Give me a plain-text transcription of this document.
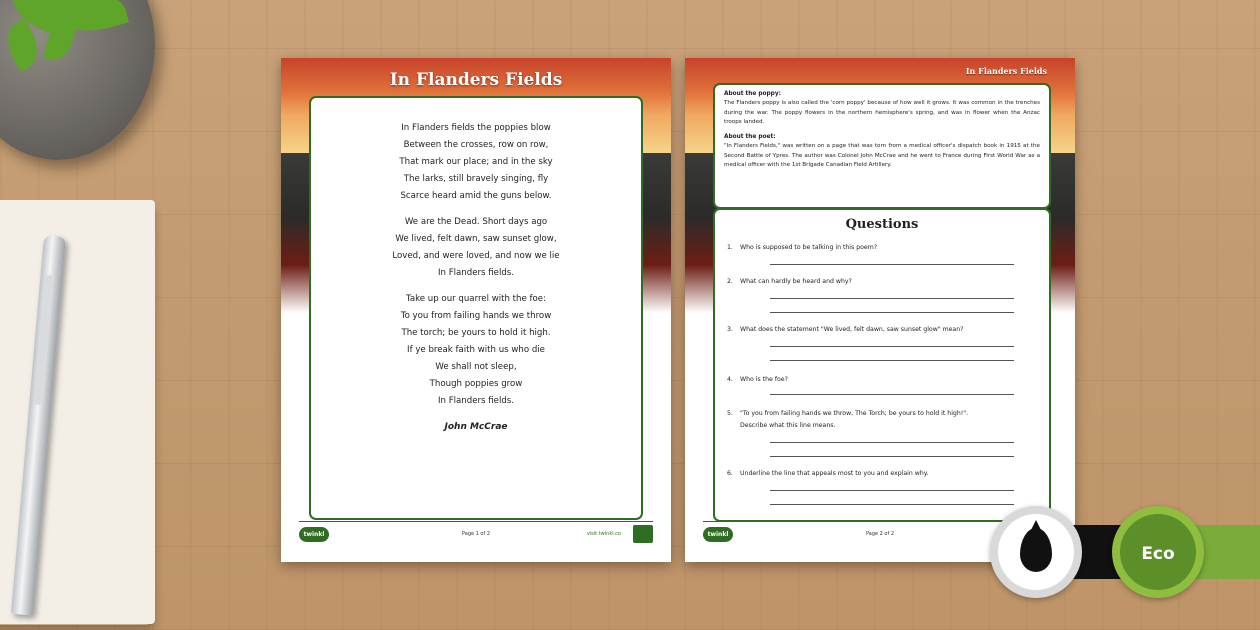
In Flanders Fields
In Flanders fields the poppies blow
Between the crosses, row on row,
That mark our place; and in the sky
The larks, still bravely singing, fly
Scarce heard amid the guns below.
We are the Dead. Short days ago
We lived, felt dawn, saw sunset glow,
Loved, and were loved, and now we lie
In Flanders fields.
Take up our quarrel with the foe:
To you from failing hands we throw
The torch; be yours to hold it high.
If ye break faith with us who die
We shall not sleep,
Though poppies grow
In Flanders fields.
John McCrae
twinkl	Page 1 of 2	visit twinkl.co
In Flanders Fields
About the poppy:

The Flanders poppy is also called the 'corn poppy' because of how well it grows. It was common in the trenches during the war. The poppy flowers in the northern hemisphere's spring, and was in flower when the Anzac troops landed.

About the poet:

"In Flanders Fields," was written on a page that was torn from a medical officer's dispatch book in 1915 at the Second Battle of Ypres. The author was Colonel John McCrae and he went to France during First World War as a medical officer with the 1st Brigade Canadian Field Artillery.

Questions
1. Who is supposed to be talking in this poem?
2. What can hardly be heard and why?
3. What does the statement "We lived, felt dawn, saw sunset glow" mean?
4. Who is the foe?
5. "To you from failing hands we throw, The Torch; be yours to hold it high!".
Describe what this line means.
6. Underline the line that appeals most to you and explain why.
twinkl	Page 2 of 2
Eco
